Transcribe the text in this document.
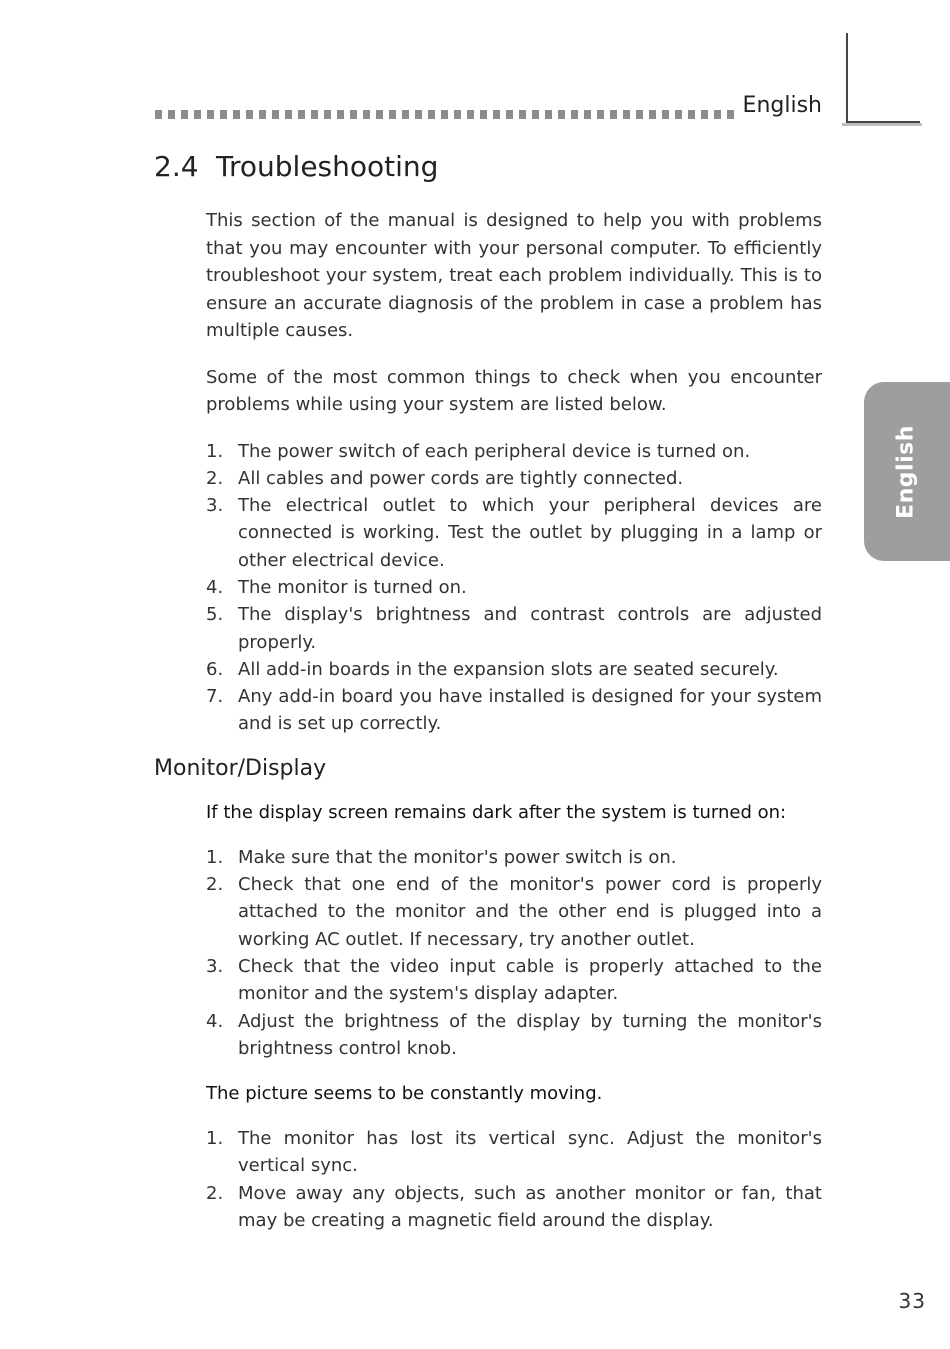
English
English
2.4 Troubleshooting

This section of the manual is designed to help you with problems that you may encounter with your personal computer. To efficiently troubleshoot your system, treat each problem individually. This is to ensure an accurate diagnosis of the problem in case a problem has multiple causes.

Some of the most common things to check when you encounter problems while using your system are listed below.

1. The power switch of each peripheral device is turned on.
2. All cables and power cords are tightly connected.
3. The electrical outlet to which your peripheral devices are connected is working. Test the outlet by plugging in a lamp or other electrical device.
4. The monitor is turned on.
5. The display's brightness and contrast controls are adjusted properly.
6. All add-in boards in the expansion slots are seated securely.
7. Any add-in board you have installed is designed for your system and is set up correctly.
Monitor/Display
If the display screen remains dark after the system is turned on:
1. Make sure that the monitor's power switch is on.
2. Check that one end of the monitor's power cord is properly attached to the monitor and the other end is plugged into a working AC outlet. If necessary, try another outlet.
3. Check that the video input cable is properly attached to the monitor and the system's display adapter.
4. Adjust the brightness of the display by turning the monitor's brightness control knob.
The picture seems to be constantly moving.
1. The monitor has lost its vertical sync. Adjust the monitor's vertical sync.
2. Move away any objects, such as another monitor or fan, that may be creating a magnetic field around the display.
33
